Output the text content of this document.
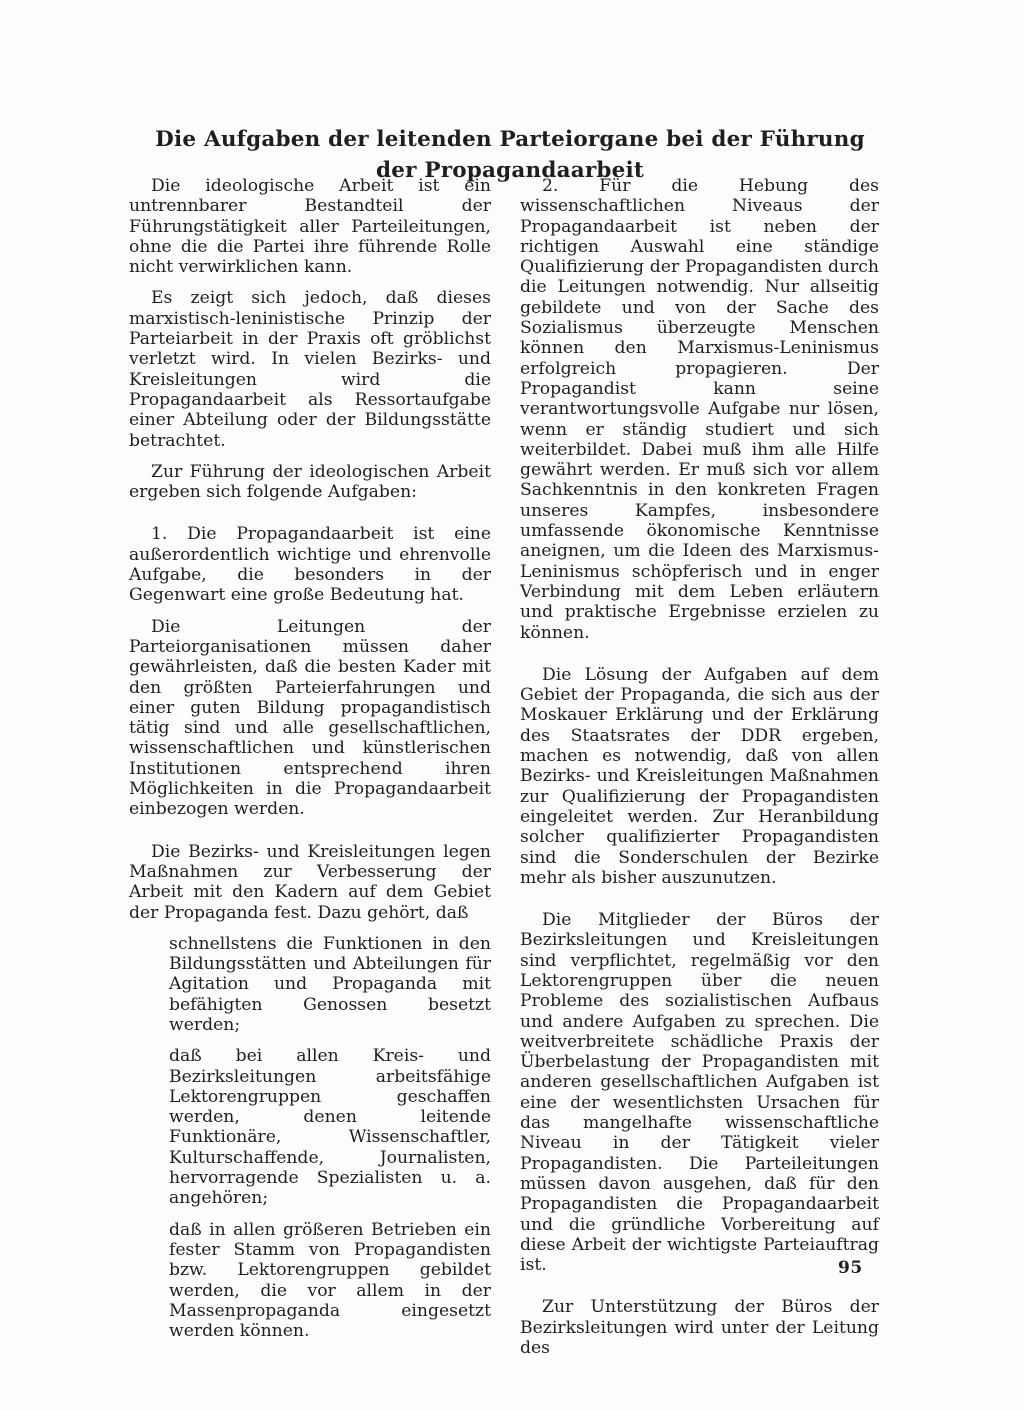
Die Aufgaben der leitenden Parteiorgane bei der Führung
der Propagandaarbeit

Die ideologische Arbeit ist ein untrennbarer Bestandteil der Führungstätigkeit aller Parteileitungen, ohne die die Partei ihre führende Rolle nicht verwirklichen kann.

Es zeigt sich jedoch, daß dieses marxistisch-leninistische Prinzip der Parteiarbeit in der Praxis oft gröblichst verletzt wird. In vielen Bezirks- und Kreisleitungen wird die Propagandaarbeit als Ressortaufgabe einer Abteilung oder der Bildungsstätte betrachtet.

Zur Führung der ideologischen Arbeit ergeben sich folgende Aufgaben:

1. Die Propagandaarbeit ist eine außerordentlich wichtige und ehrenvolle Aufgabe, die besonders in der Gegenwart eine große Bedeutung hat.

Die Leitungen der Parteiorganisationen müssen daher gewährleisten, daß die besten Kader mit den größten Parteierfahrungen und einer guten Bildung propagandistisch tätig sind und alle gesellschaftlichen, wissenschaftlichen und künstlerischen Institutionen entsprechend ihren Möglichkeiten in die Propagandaarbeit einbezogen werden.

Die Bezirks- und Kreisleitungen legen Maßnahmen zur Verbesserung der Arbeit mit den Kadern auf dem Gebiet der Propaganda fest. Dazu gehört, daß

schnellstens die Funktionen in den Bildungsstätten und Abteilungen für Agitation und Propaganda mit befähigten Genossen besetzt werden;
daß bei allen Kreis- und Bezirksleitungen arbeitsfähige Lektorengruppen geschaffen werden, denen leitende Funktionäre, Wissenschaftler, Kulturschaffende, Journalisten, hervorragende Spezialisten u. a. angehören;
daß in allen größeren Betrieben ein fester Stamm von Propagandisten bzw. Lektorengruppen gebildet werden, die vor allem in der Massenpropaganda eingesetzt werden können.

2. Für die Hebung des wissenschaftlichen Niveaus der Propagandaarbeit ist neben der richtigen Auswahl eine ständige Qualifizierung der Propagandisten durch die Leitungen notwendig. Nur allseitig gebildete und von der Sache des Sozialismus überzeugte Menschen können den Marxismus-Leninismus erfolgreich propagieren. Der Propagandist kann seine verantwortungsvolle Aufgabe nur lösen, wenn er ständig studiert und sich weiterbildet. Dabei muß ihm alle Hilfe gewährt werden. Er muß sich vor allem Sachkenntnis in den konkreten Fragen unseres Kampfes, insbesondere umfassende ökonomische Kenntnisse aneignen, um die Ideen des Marxismus-Leninismus schöpferisch und in enger Verbindung mit dem Leben erläutern und praktische Ergebnisse erzielen zu können.

Die Lösung der Aufgaben auf dem Gebiet der Propaganda, die sich aus der Moskauer Erklärung und der Erklärung des Staatsrates der DDR ergeben, machen es notwendig, daß von allen Bezirks- und Kreisleitungen Maßnahmen zur Qualifizierung der Propagandisten eingeleitet werden. Zur Heranbildung solcher qualifizierter Propagandisten sind die Sonderschulen der Bezirke mehr als bisher auszunutzen.

Die Mitglieder der Büros der Bezirksleitungen und Kreisleitungen sind verpflichtet, regelmäßig vor den Lektorengruppen über die neuen Probleme des sozialistischen Aufbaus und andere Aufgaben zu sprechen. Die weitverbreitete schädliche Praxis der Überbelastung der Propagandisten mit anderen gesellschaftlichen Aufgaben ist eine der wesentlichsten Ursachen für das mangelhafte wissenschaftliche Niveau in der Tätigkeit vieler Propagandisten. Die Parteileitungen müssen davon ausgehen, daß für den Propagandisten die Propagandaarbeit und die gründliche Vorbereitung auf diese Arbeit der wichtigste Parteiauftrag ist.

Zur Unterstützung der Büros der Bezirksleitungen wird unter der Leitung des

95
